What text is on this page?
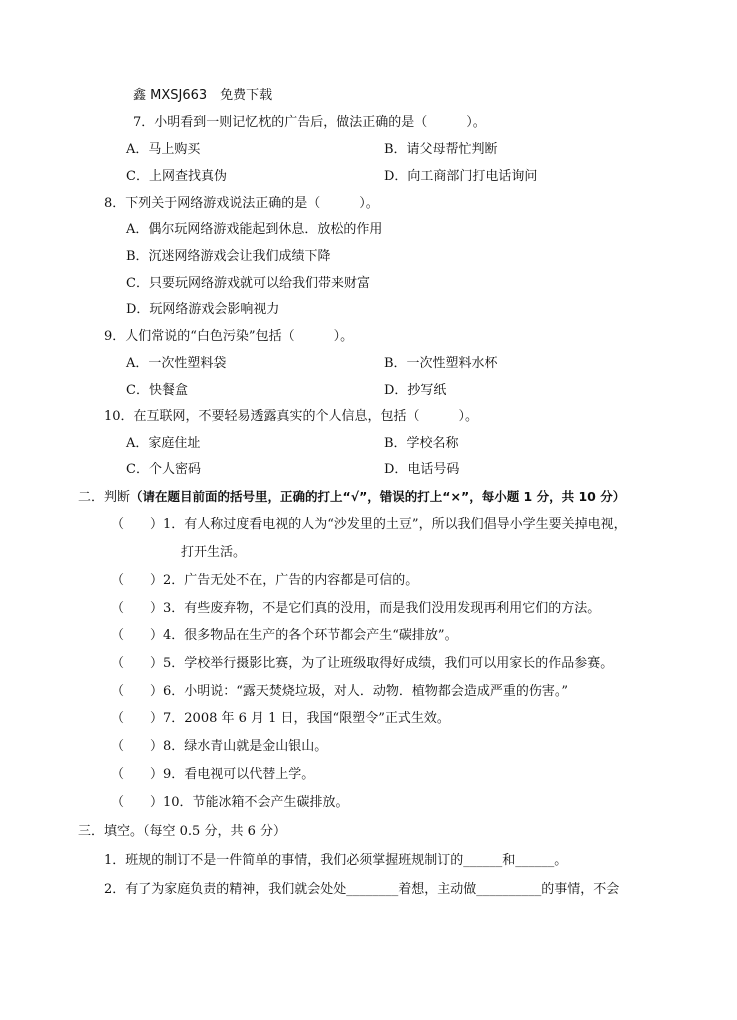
鑫 MXSJ663　免费下载
7．小明看到一则记忆枕的广告后，做法正确的是（　　　）。
A．马上购买	B．请父母帮忙判断
C．上网查找真伪	D．向工商部门打电话询问
8．下列关于网络游戏说法正确的是（　　　）。
A．偶尔玩网络游戏能起到休息．放松的作用
B．沉迷网络游戏会让我们成绩下降
C．只要玩网络游戏就可以给我们带来财富
D．玩网络游戏会影响视力
9．人们常说的“白色污染”包括（　　　）。
A．一次性塑料袋	B．一次性塑料水杯
C．快餐盒	D．抄写纸
10．在互联网，不要轻易透露真实的个人信息，包括（　　　）。
A．家庭住址	B．学校名称
C．个人密码	D．电话号码
二．判断（请在题目前面的括号里，正确的打上“√”，错误的打上“×”，每小题 1 分，共 10 分）
（　　）1．有人称过度看电视的人为“沙发里的土豆”，所以我们倡导小学生要关掉电视，
打开生活。
（　　）2．广告无处不在，广告的内容都是可信的。
（　　）3．有些废弃物，不是它们真的没用，而是我们没用发现再利用它们的方法。
（　　）4．很多物品在生产的各个环节都会产生“碳排放”。
（　　）5．学校举行摄影比赛，为了让班级取得好成绩，我们可以用家长的作品参赛。
（　　）6．小明说：“露天焚烧垃圾，对人．动物．植物都会造成严重的伤害。”
（　　）7．2008 年 6 月 1 日，我国“限塑令”正式生效。
（　　）8．绿水青山就是金山银山。
（　　）9．看电视可以代替上学。
（　　）10．节能冰箱不会产生碳排放。
三．填空。（每空 0.5 分，共 6 分）
1．班规的制订不是一件简单的事情，我们必须掌握班规制订的______和______。
2．有了为家庭负责的精神，我们就会处处________着想，主动做__________的事情，不会
